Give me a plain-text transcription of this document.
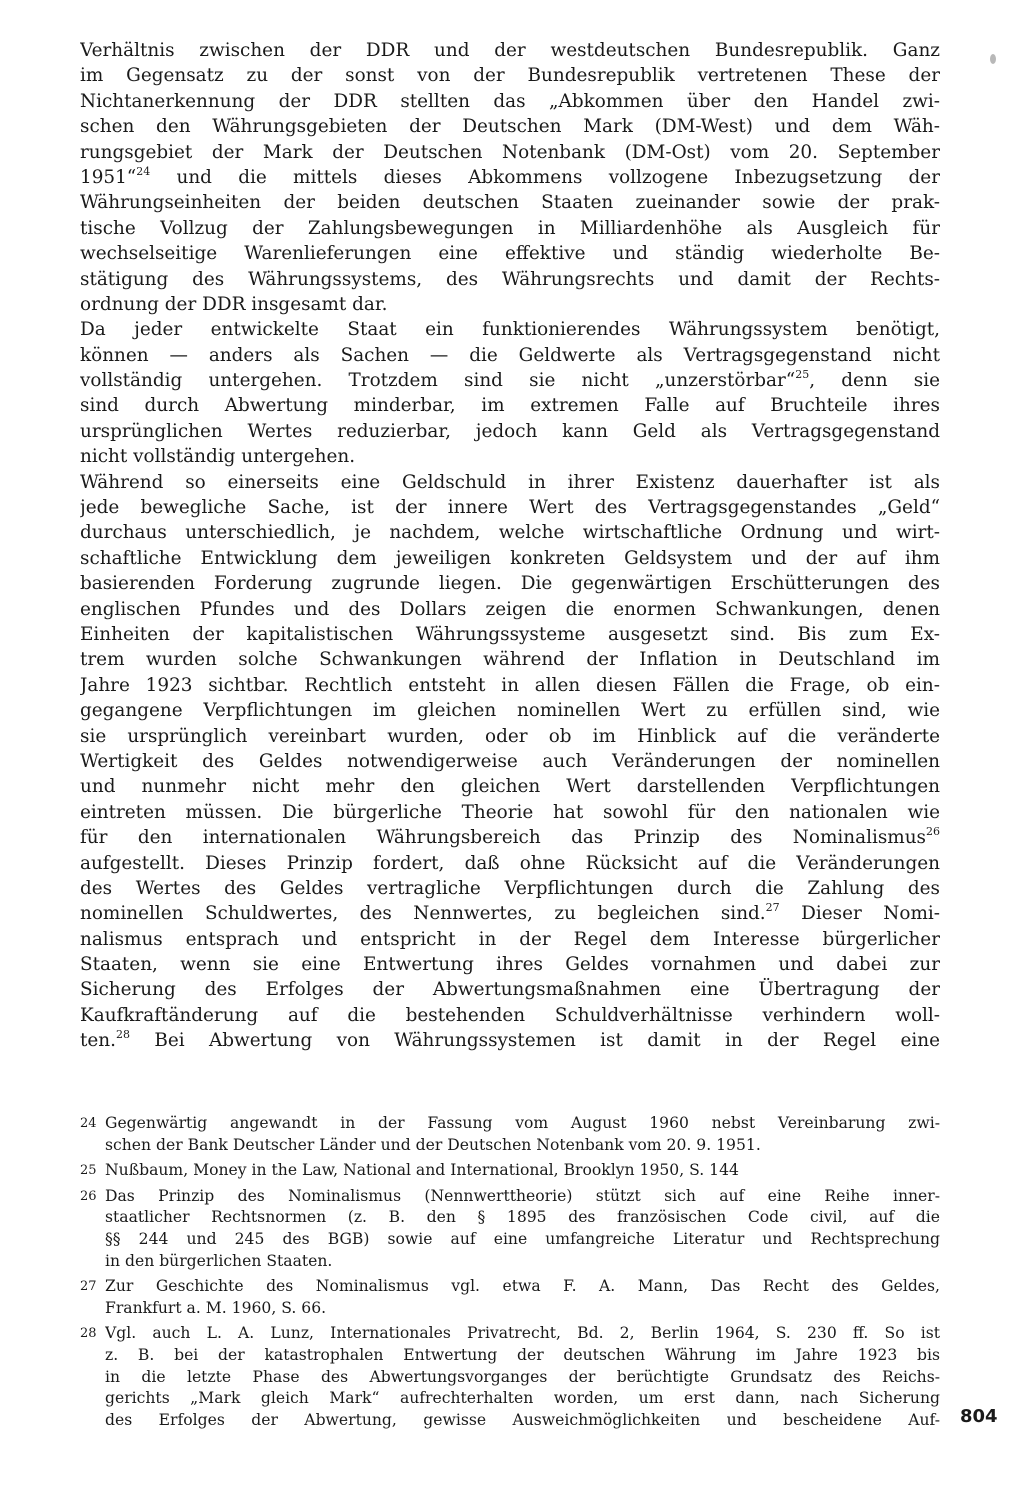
Verhältnis zwischen der DDR und der westdeutschen Bundesrepublik. Ganz
im Gegensatz zu der sonst von der Bundesrepublik vertretenen These der
Nichtanerkennung der DDR stellten das „Abkommen über den Handel zwi-
schen den Währungsgebieten der Deutschen Mark (DM-West) und dem Wäh-
rungsgebiet der Mark der Deutschen Notenbank (DM-Ost) vom 20. September
1951“$^{24}$ und die mittels dieses Abkommens vollzogene Inbezugsetzung der
Währungseinheiten der beiden deutschen Staaten zueinander sowie der prak-
tische Vollzug der Zahlungsbewegungen in Milliardenhöhe als Ausgleich für
wechselseitige Warenlieferungen eine effektive und ständig wiederholte Be-
stätigung des Währungssystems, des Währungsrechts und damit der Rechts-
ordnung der DDR insgesamt dar.
Da jeder entwickelte Staat ein funktionierendes Währungssystem benötigt,
können — anders als Sachen — die Geldwerte als Vertragsgegenstand nicht
vollständig untergehen. Trotzdem sind sie nicht „unzerstörbar“$^{25}$, denn sie
sind durch Abwertung minderbar, im extremen Falle auf Bruchteile ihres
ursprünglichen Wertes reduzierbar, jedoch kann Geld als Vertragsgegenstand
nicht vollständig untergehen.
Während so einerseits eine Geldschuld in ihrer Existenz dauerhafter ist als
jede bewegliche Sache, ist der innere Wert des Vertragsgegenstandes „Geld“
durchaus unterschiedlich, je nachdem, welche wirtschaftliche Ordnung und wirt-
schaftliche Entwicklung dem jeweiligen konkreten Geldsystem und der auf ihm
basierenden Forderung zugrunde liegen. Die gegenwärtigen Erschütterungen des
englischen Pfundes und des Dollars zeigen die enormen Schwankungen, denen
Einheiten der kapitalistischen Währungssysteme ausgesetzt sind. Bis zum Ex-
trem wurden solche Schwankungen während der Inflation in Deutschland im
Jahre 1923 sichtbar. Rechtlich entsteht in allen diesen Fällen die Frage, ob ein-
gegangene Verpflichtungen im gleichen nominellen Wert zu erfüllen sind, wie
sie ursprünglich vereinbart wurden, oder ob im Hinblick auf die veränderte
Wertigkeit des Geldes notwendigerweise auch Veränderungen der nominellen
und nunmehr nicht mehr den gleichen Wert darstellenden Verpflichtungen
eintreten müssen. Die bürgerliche Theorie hat sowohl für den nationalen wie
für den internationalen Währungsbereich das Prinzip des Nominalismus$^{26}$
aufgestellt. Dieses Prinzip fordert, daß ohne Rücksicht auf die Veränderungen
des Wertes des Geldes vertragliche Verpflichtungen durch die Zahlung des
nominellen Schuldwertes, des Nennwertes, zu begleichen sind.$^{27}$ Dieser Nomi-
nalismus entsprach und entspricht in der Regel dem Interesse bürgerlicher
Staaten, wenn sie eine Entwertung ihres Geldes vornahmen und dabei zur
Sicherung des Erfolges der Abwertungsmaßnahmen eine Übertragung der
Kaufkraftänderung auf die bestehenden Schuldverhältnisse verhindern woll-
ten.$^{28}$ Bei Abwertung von Währungssystemen ist damit in der Regel eine
24 Gegenwärtig angewandt in der Fassung vom August 1960 nebst Vereinbarung zwi-
schen der Bank Deutscher Länder und der Deutschen Notenbank vom 20. 9. 1951.
25 Nußbaum, Money in the Law, National and International, Brooklyn 1950, S. 144
26 Das Prinzip des Nominalismus (Nennwerttheorie) stützt sich auf eine Reihe inner-
staatlicher Rechtsnormen (z. B. den § 1895 des französischen Code civil, auf die
§§ 244 und 245 des BGB) sowie auf eine umfangreiche Literatur und Rechtsprechung
in den bürgerlichen Staaten.
27 Zur Geschichte des Nominalismus vgl. etwa F. A. Mann, Das Recht des Geldes,
Frankfurt a. M. 1960, S. 66.
28 Vgl. auch L. A. Lunz, Internationales Privatrecht, Bd. 2, Berlin 1964, S. 230 ff. So ist
z. B. bei der katastrophalen Entwertung der deutschen Währung im Jahre 1923 bis
in die letzte Phase des Abwertungsvorganges der berüchtigte Grundsatz des Reichs-
gerichts „Mark gleich Mark“ aufrechterhalten worden, um erst dann, nach Sicherung
des Erfolges der Abwertung, gewisse Ausweichmöglichkeiten und bescheidene Auf- 804
